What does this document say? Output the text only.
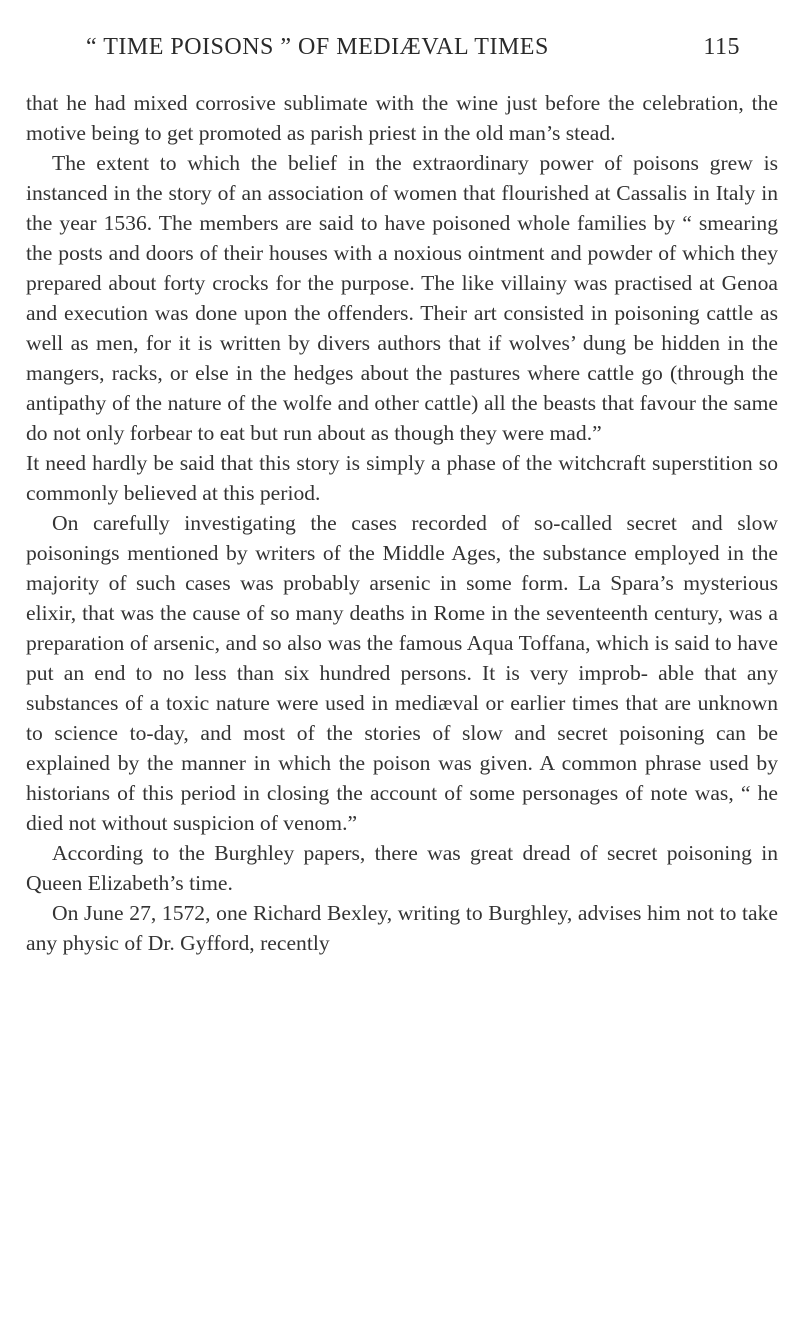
“ TIME POISONS ” OF MEDIÆVAL TIMES	115

that he had mixed corrosive sublimate with the wine just before the celebration, the motive being to get promoted as parish priest in the old man’s stead.

The extent to which the belief in the extraordinary power of poisons grew is instanced in the story of an association of women that flourished at Cassalis in Italy in the year 1536. The members are said to have poisoned whole families by “ smearing the posts and doors of their houses with a noxious ointment and powder of which they prepared about forty crocks for the purpose. The like villainy was practised at Genoa and execution was done upon the offenders. Their art consisted in poisoning cattle as well as men, for it is written by divers authors that if wolves’ dung be hidden in the mangers, racks, or else in the hedges about the pastures where cattle go (through the antipathy of the nature of the wolfe and other cattle) all the beasts that favour the same do not only forbear to eat but run about as though they were mad.”

It need hardly be said that this story is simply a phase of the witchcraft superstition so commonly believed at this period.

On carefully investigating the cases recorded of so-called secret and slow poisonings mentioned by writers of the Middle Ages, the substance employed in the majority of such cases was probably arsenic in some form. La Spara’s mysterious elixir, that was the cause of so many deaths in Rome in the seventeenth century, was a preparation of arsenic, and so also was the famous Aqua Toffana, which is said to have put an end to no less than six hundred persons. It is very improb- able that any substances of a toxic nature were used in mediæval or earlier times that are unknown to science to-day, and most of the stories of slow and secret poisoning can be explained by the manner in which the poison was given. A common phrase used by historians of this period in closing the account of some personages of note was, “ he died not without suspicion of venom.”

According to the Burghley papers, there was great dread of secret poisoning in Queen Elizabeth’s time.

On June 27, 1572, one Richard Bexley, writing to Burghley, advises him not to take any physic of Dr. Gyfford, recently
